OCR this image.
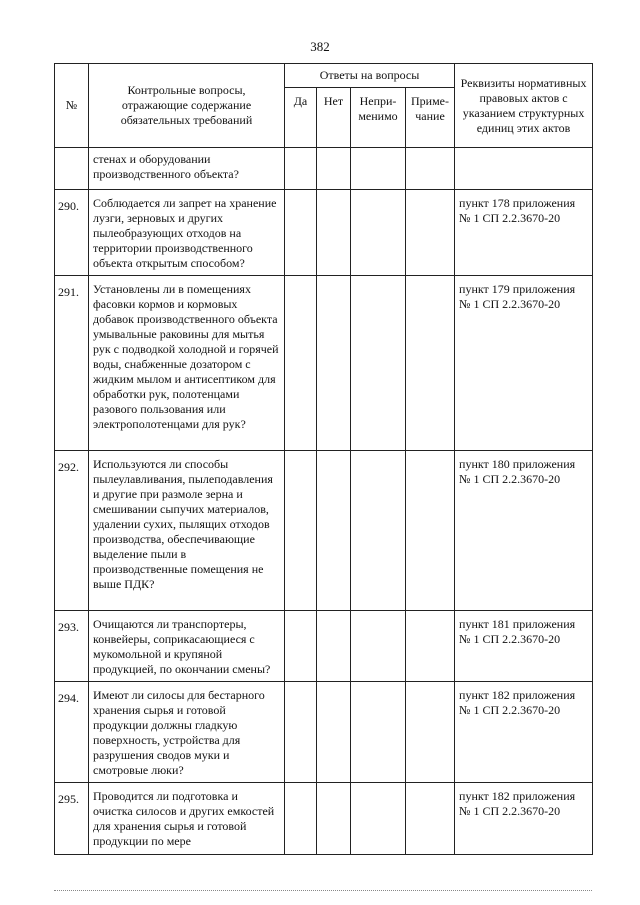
382
№	Контрольные вопросы, отражающие содержание обязательных требований	Ответы на вопросы				Реквизиты нормативных правовых актов с указанием структурных единиц этих актов
		Да	Нет	Непри-менимо	Приме-чание	
	стенах и оборудовании производственного объекта?					
290.	Соблюдается ли запрет на хранение лузги, зерновых и других пылеобразующих отходов на территории производственного объекта открытым способом?					пункт 178 приложения № 1 СП 2.2.3670-20
291.	Установлены ли в помещениях фасовки кормов и кормовых добавок производственного объекта умывальные раковины для мытья рук с подводкой холодной и горячей воды, снабженные дозатором с жидким мылом и антисептиком для обработки рук, полотенцами разового пользования или электрополотенцами для рук?					пункт 179 приложения № 1 СП 2.2.3670-20
292.	Используются ли способы пылеулавливания, пылеподавления и другие при размоле зерна и смешивании сыпучих материалов, удалении сухих, пылящих отходов производства, обеспечивающие выделение пыли в производственные помещения не выше ПДК?					пункт 180 приложения № 1 СП 2.2.3670-20
293.	Очищаются ли транспортеры, конвейеры, соприкасающиеся с мукомольной и крупяной продукцией, по окончании смены?					пункт 181 приложения № 1 СП 2.2.3670-20
294.	Имеют ли силосы для бестарного хранения сырья и готовой продукции должны гладкую поверхность, устройства для разрушения сводов муки и смотровые люки?					пункт 182 приложения № 1 СП 2.2.3670-20
295.	Проводится ли подготовка и очистка силосов и других емкостей для хранения сырья и готовой продукции по мере					пункт 182 приложения № 1 СП 2.2.3670-20
